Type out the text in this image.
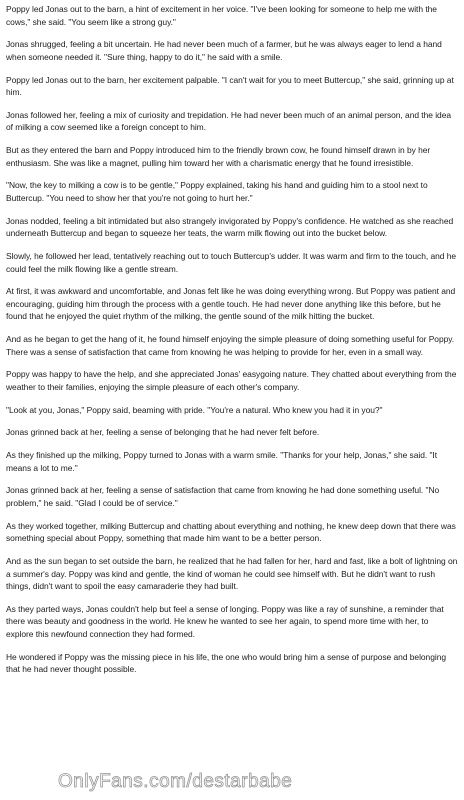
Poppy led Jonas out to the barn, a hint of excitement in her voice. "I've been looking for someone to help me with the cows," she said. "You seem like a strong guy."

Jonas shrugged, feeling a bit uncertain. He had never been much of a farmer, but he was always eager to lend a hand when someone needed it. "Sure thing, happy to do it," he said with a smile.

Poppy led Jonas out to the barn, her excitement palpable. "I can't wait for you to meet Buttercup," she said, grinning up at him.

Jonas followed her, feeling a mix of curiosity and trepidation. He had never been much of an animal person, and the idea of milking a cow seemed like a foreign concept to him.

But as they entered the barn and Poppy introduced him to the friendly brown cow, he found himself drawn in by her enthusiasm. She was like a magnet, pulling him toward her with a charismatic energy that he found irresistible.

"Now, the key to milking a cow is to be gentle," Poppy explained, taking his hand and guiding him to a stool next to Buttercup. "You need to show her that you're not going to hurt her."

Jonas nodded, feeling a bit intimidated but also strangely invigorated by Poppy's confidence. He watched as she reached underneath Buttercup and began to squeeze her teats, the warm milk flowing out into the bucket below.

Slowly, he followed her lead, tentatively reaching out to touch Buttercup's udder. It was warm and firm to the touch, and he could feel the milk flowing like a gentle stream.

At first, it was awkward and uncomfortable, and Jonas felt like he was doing everything wrong. But Poppy was patient and encouraging, guiding him through the process with a gentle touch. He had never done anything like this before, but he found that he enjoyed the quiet rhythm of the milking, the gentle sound of the milk hitting the bucket.

And as he began to get the hang of it, he found himself enjoying the simple pleasure of doing something useful for Poppy. There was a sense of satisfaction that came from knowing he was helping to provide for her, even in a small way.

Poppy was happy to have the help, and she appreciated Jonas' easygoing nature. They chatted about everything from the weather to their families, enjoying the simple pleasure of each other's company.

"Look at you, Jonas," Poppy said, beaming with pride. "You're a natural. Who knew you had it in you?"

Jonas grinned back at her, feeling a sense of belonging that he had never felt before.

As they finished up the milking, Poppy turned to Jonas with a warm smile. "Thanks for your help, Jonas," she said. "It means a lot to me."

Jonas grinned back at her, feeling a sense of satisfaction that came from knowing he had done something useful. "No problem," he said. "Glad I could be of service."

As they worked together, milking Buttercup and chatting about everything and nothing, he knew deep down that there was something special about Poppy, something that made him want to be a better person.

And as the sun began to set outside the barn, he realized that he had fallen for her, hard and fast, like a bolt of lightning on a summer's day. Poppy was kind and gentle, the kind of woman he could see himself with. But he didn't want to rush things, didn't want to spoil the easy camaraderie they had built.

As they parted ways, Jonas couldn't help but feel a sense of longing. Poppy was like a ray of sunshine, a reminder that there was beauty and goodness in the world. He knew he wanted to see her again, to spend more time with her, to explore this newfound connection they had formed.

He wondered if Poppy was the missing piece in his life, the one who would bring him a sense of purpose and belonging that he had never thought possible.

OnlyFans.com/destarbabe
